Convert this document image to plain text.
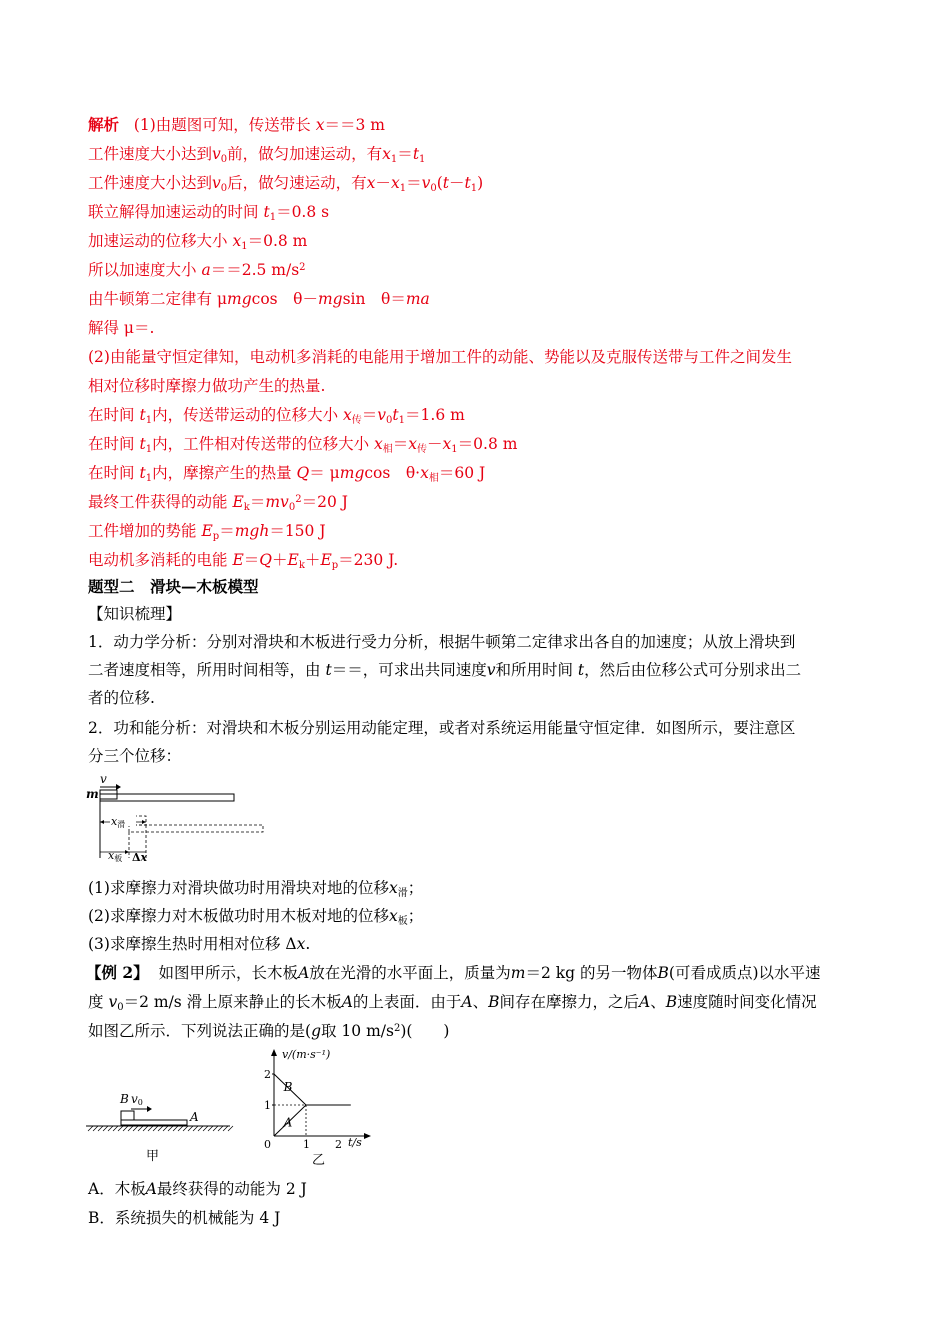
解析 (1)由题图可知，传送带长 x＝＝3 m
工件速度大小达到$v_0$前，做匀加速运动，有$x_1=t_1$
工件速度大小达到$v_0$后，做匀速运动，有$x-x_1=v_0(t-t_1)$
联立解得加速运动的时间 $t_1=0.8$ s
加速运动的位移大小 $x_1=0.8$ m
所以加速度大小 a＝＝2.5 $m/s^2$
由牛顿第二定律有 μmgcos　θ－mgsin　θ＝ma
解得 μ＝.
(2)由能量守恒定律知，电动机多消耗的电能用于增加工件的动能、势能以及克服传送带与工件之间发生
相对位移时摩擦力做功产生的热量.
在时间 $t_1$内，传送带运动的位移大小 $x_传=v_0t_1=1.6$ m
在时间 $t_1$内，工件相对传送带的位移大小 $x_相=x_传-x_1=0.8$ m
在时间 $t_1$内，摩擦产生的热量 Q＝ μmgcos　$\theta\cdot x_相=60$ J
最终工件获得的动能 $E_k=mv_0^2=20$ J
工件增加的势能 $E_p=mgh=150$ J
电动机多消耗的电能 $E=Q+E_k+E_p=230$ J.
题型二　滑块—木板模型
【知识梳理】
1．动力学分析：分别对滑块和木板进行受力分析，根据牛顿第二定律求出各自的加速度；从放上滑块到
二者速度相等，所用时间相等，由 t＝＝，可求出共同速度v和所用时间 t，然后由位移公式可分别求出二
者的位移.
2．功和能分析：对滑块和木板分别运用动能定理，或者对系统运用能量守恒定律．如图所示，要注意区
分三个位移：
v
m
x滑
x板 Δx
(1)求摩擦力对滑块做功时用滑块对地的位移$x_滑$；
(2)求摩擦力对木板做功时用木板对地的位移$x_板$；
(3)求摩擦生热时用相对位移 Δx.
【例 2】 如图甲所示，长木板A放在光滑的水平面上，质量为m＝2 kg 的另一物体B(可看成质点)以水平速
度 $v_0=2$ m/s 滑上原来静止的长木板A的上表面．由于A、B间存在摩擦力，之后A、B速度随时间变化情况
如图乙所示．下列说法正确的是(g取 10 $m/s^2$)(　　)
B v0
A
甲
v/(m·s⁻¹)
t/s
1
2
0	1 2
B
A
乙
A．木板A最终获得的动能为 2 J
B．系统损失的机械能为 4 J
